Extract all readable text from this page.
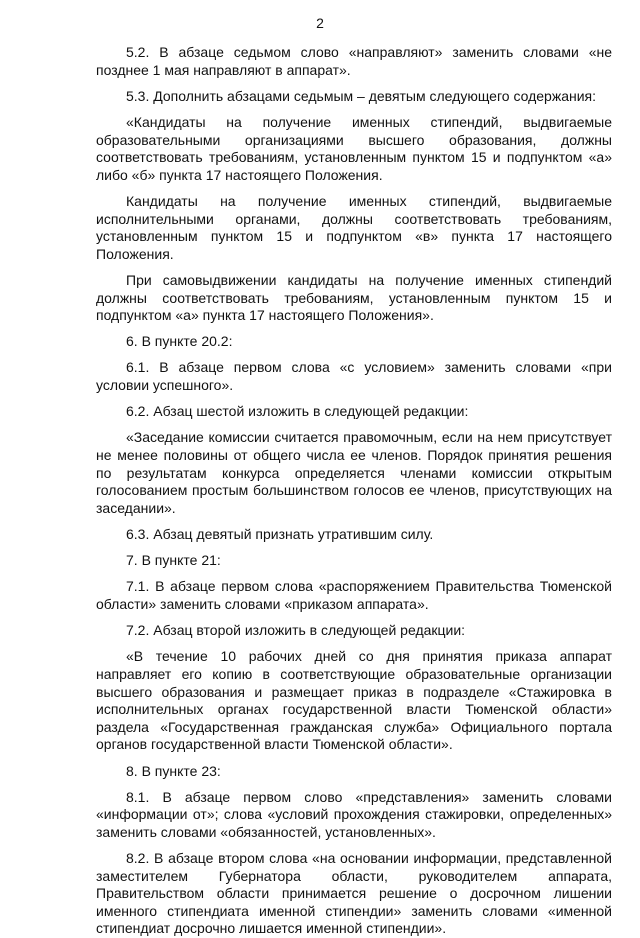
2

5.2. В абзаце седьмом слово «направляют» заменить словами «не позднее 1 мая направляют в аппарат».

5.3. Дополнить абзацами седьмым – девятым следующего содержания:

«Кандидаты на получение именных стипендий, выдвигаемые образовательными организациями высшего образования, должны соответствовать требованиям, установленным пунктом 15 и подпунктом «а» либо «б» пункта 17 настоящего Положения.

Кандидаты на получение именных стипендий, выдвигаемые исполнительными органами, должны соответствовать требованиям, установленным пунктом 15 и подпунктом «в» пункта 17 настоящего Положения.

При самовыдвижении кандидаты на получение именных стипендий должны соответствовать требованиям, установленным пунктом 15 и подпунктом «а» пункта 17 настоящего Положения».

6. В пункте 20.2:

6.1. В абзаце первом слова «с условием» заменить словами «при условии успешного».

6.2. Абзац шестой изложить в следующей редакции:

«Заседание комиссии считается правомочным, если на нем присутствует не менее половины от общего числа ее членов. Порядок принятия решения по результатам конкурса определяется членами комиссии открытым голосованием простым большинством голосов ее членов, присутствующих на заседании».

6.3. Абзац девятый признать утратившим силу.

7. В пункте 21:

7.1. В абзаце первом слова «распоряжением Правительства Тюменской области» заменить словами «приказом аппарата».

7.2. Абзац второй изложить в следующей редакции:

«В течение 10 рабочих дней со дня принятия приказа аппарат направляет его копию в соответствующие образовательные организации высшего образования и размещает приказ в подразделе «Стажировка в исполнительных органах государственной власти Тюменской области» раздела «Государственная гражданская служба» Официального портала органов государственной власти Тюменской области».

8. В пункте 23:

8.1. В абзаце первом слово «представления» заменить словами «информации от»; слова «условий прохождения стажировки, определенных» заменить словами «обязанностей, установленных».

8.2. В абзаце втором слова «на основании информации, представленной заместителем Губернатора области, руководителем аппарата, Правительством области принимается решение о досрочном лишении именного стипендиата именной стипендии» заменить словами «именной стипендиат досрочно лишается именной стипендии».
